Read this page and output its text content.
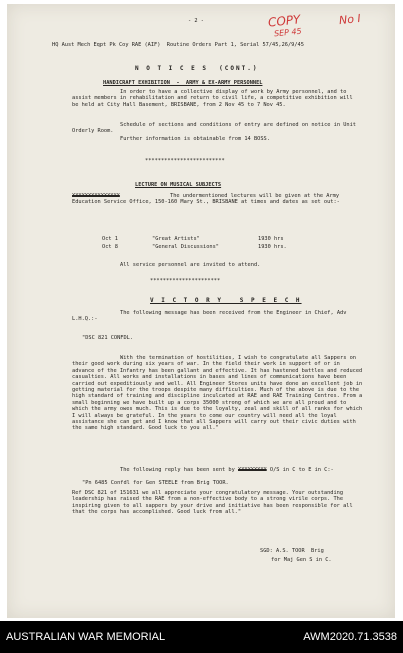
- 2 -	COPY	No I
SEP 45
HQ Aust Mech Eqpt Pk Coy RAE (AIF)  Routine Orders Part 1, Serial 57/45,26/9/45
N O T I C E S  (CONT.)
HANDICRAFT EXHIBITION  -  ARMY & EX-ARMY PERSONNEL
In order to have a collective display of work by Army personnel, and to assist members in rehabilitation and return to civil life, a competitive exhibition will be held at City Hall Basement, BRISBANE, from 2 Nov 45 to 7 Nov 45.
Schedule of sections and conditions of entry are defined on notice in Unit Orderly Room.
Further information is obtainable from 14 BOSS.
*************************
LECTURE ON MUSICAL SUBJECTS
XXXXXXXXXXXXXXX	The undermentioned lectures will be given at the Army Education Service Office, 150-160 Mary St., BRISBANE at times and dates as set out:-
Oct 1	"Great Artists"	1930 hrs
Oct 8	"General Discussions"	1930 hrs.
All service personnel are invited to attend.
**********************
V I C T O R Y   S P E E C H
The following message has been received from the Engineer in Chief, Adv L.H.Q.:-
"DSC 821 CONFDL.
With the termination of hostilities, I wish to congratulate all Sappers on their good work during six years of war. In the field their work in support of or in advance of the Infantry has been gallant and effective. It has hastened battles and reduced casualties. All works and installations in bases and lines of communications have been carried out expeditiously and well. All Engineer Stores units have done an excellent job in getting material for the troops despite many difficulties. Much of the above is due to the high standard of training and discipline inculcated at RAE and RAE Training Centres. From a small beginning we have built up a corps 35000 strong of which we are all proud and to which the army owes much. This is due to the loyalty, zeal and skill of all ranks for which I will always be grateful. In the years to come our country will need all the loyal assistance she can get and I know that all Sappers will carry out their civic duties with the same high standard. Good luck to you all."
The following reply has been sent by XXXXXXXXX O/S in C to E in C:-
"Pn 6485 Confdl for Gen STEELE from Brig TOOR.
Ref DSC 821 of 151631 we all appreciate your congratulatory message. Your outstanding leadership has raised the RAE from a non-effective body to a strong virile corps. The inspiring given to all sappers by your drive and initiative has been responsible for all that the corps has accomplished. Good luck from all."
SGD: A.S. TOOR  Brig
for Maj Gen S in C.
AUSTRALIAN WAR MEMORIAL	AWM2020.71.3538
